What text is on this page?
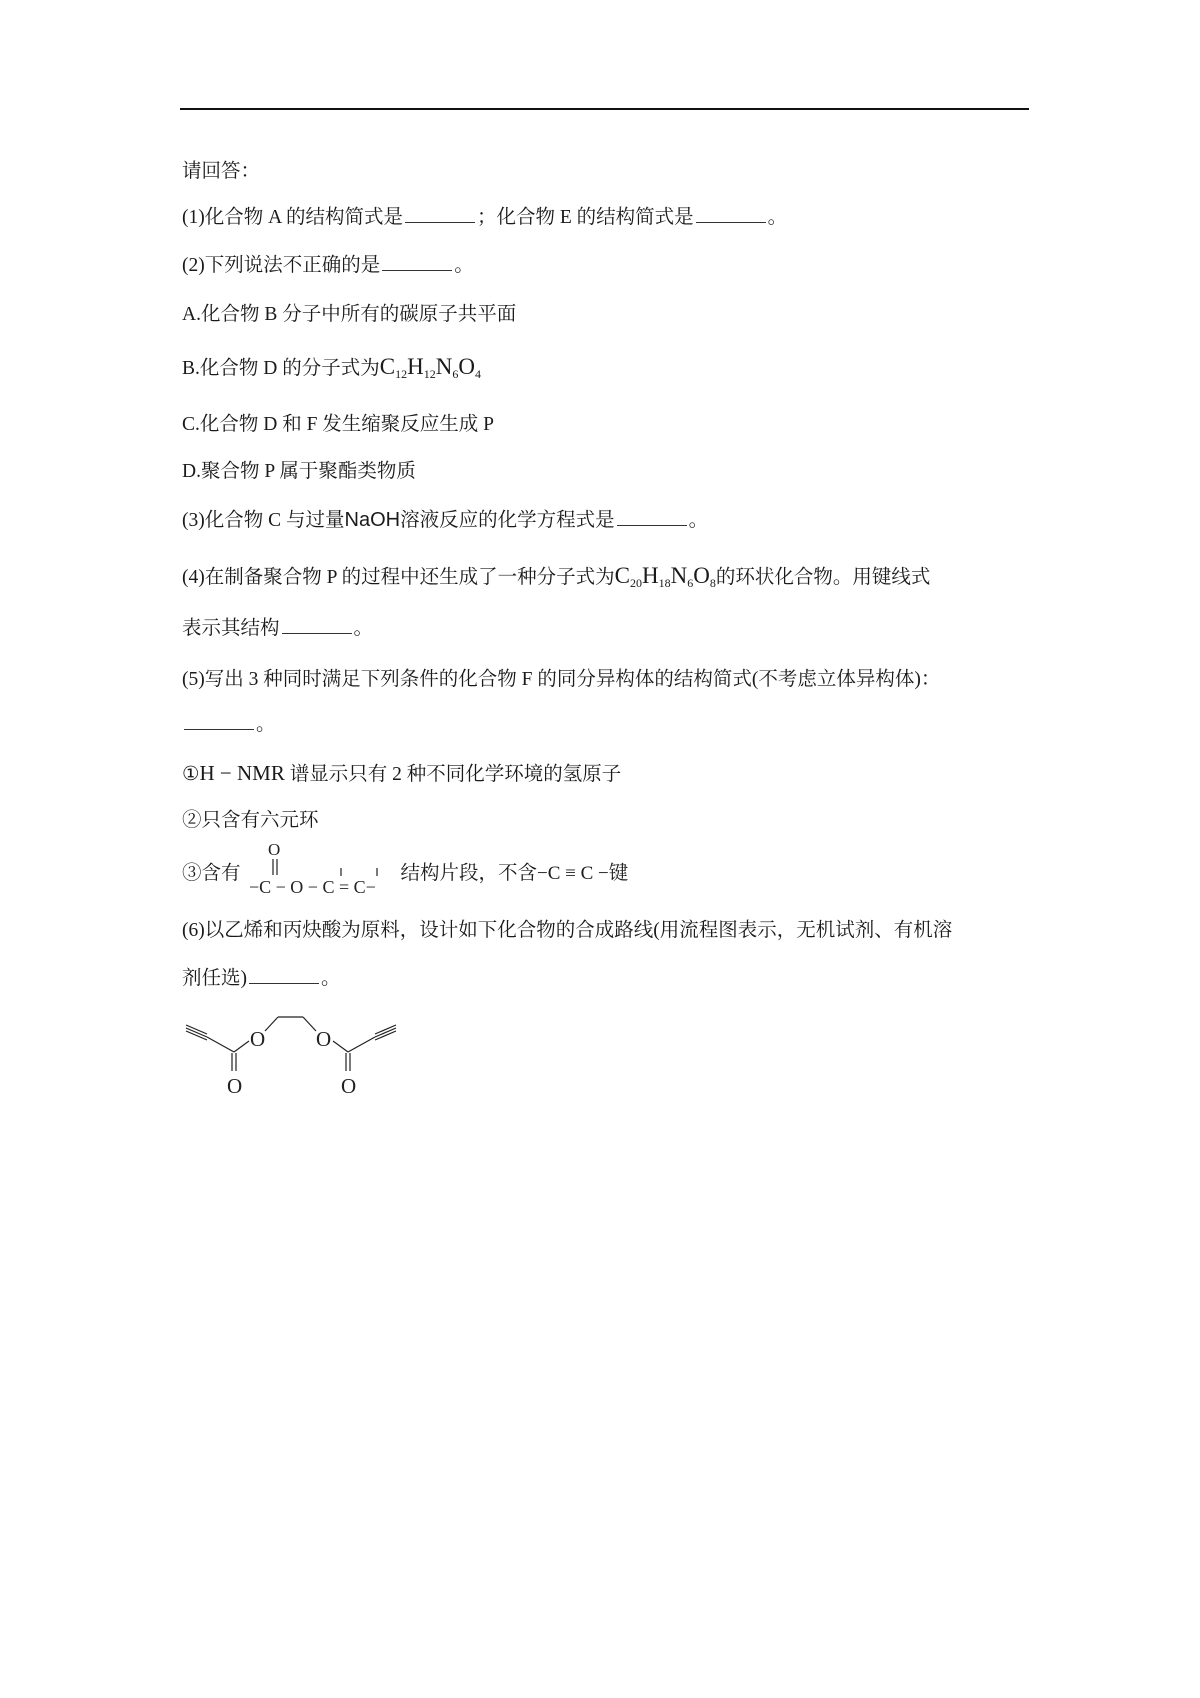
请回答：
(1)化合物 A 的结构简式是	；化合物 E 的结构简式是	。
(2)下列说法不正确的是	。
A.化合物 B 分子中所有的碳原子共平面
B.化合物 D 的分子式为$C_{12}H_{12}N_6O_4$
C.化合物 D 和 F 发生缩聚反应生成 P
D.聚合物 P 属于聚酯类物质
(3)化合物 C 与过量NaOH溶液反应的化学方程式是	。
(4)在制备聚合物 P 的过程中还生成了一种分子式为$C_{20}H_{18}N_6O_8$的环状化合物。用键线式
表示其结构	。
(5)写出 3 种同时满足下列条件的化合物 F 的同分异构体的结构简式(不考虑立体异构体)：
。
①H − NMR 谱显示只有 2 种不同化学环境的氢原子
②只含有六元环
③含有	结构片段，不含−C ≡ C −键
O
−C − O − C = C−
(6)以乙烯和丙炔酸为原料，设计如下化合物的合成路线(用流程图表示，无机试剂、有机溶
剂任选)	。
O O
O	O
